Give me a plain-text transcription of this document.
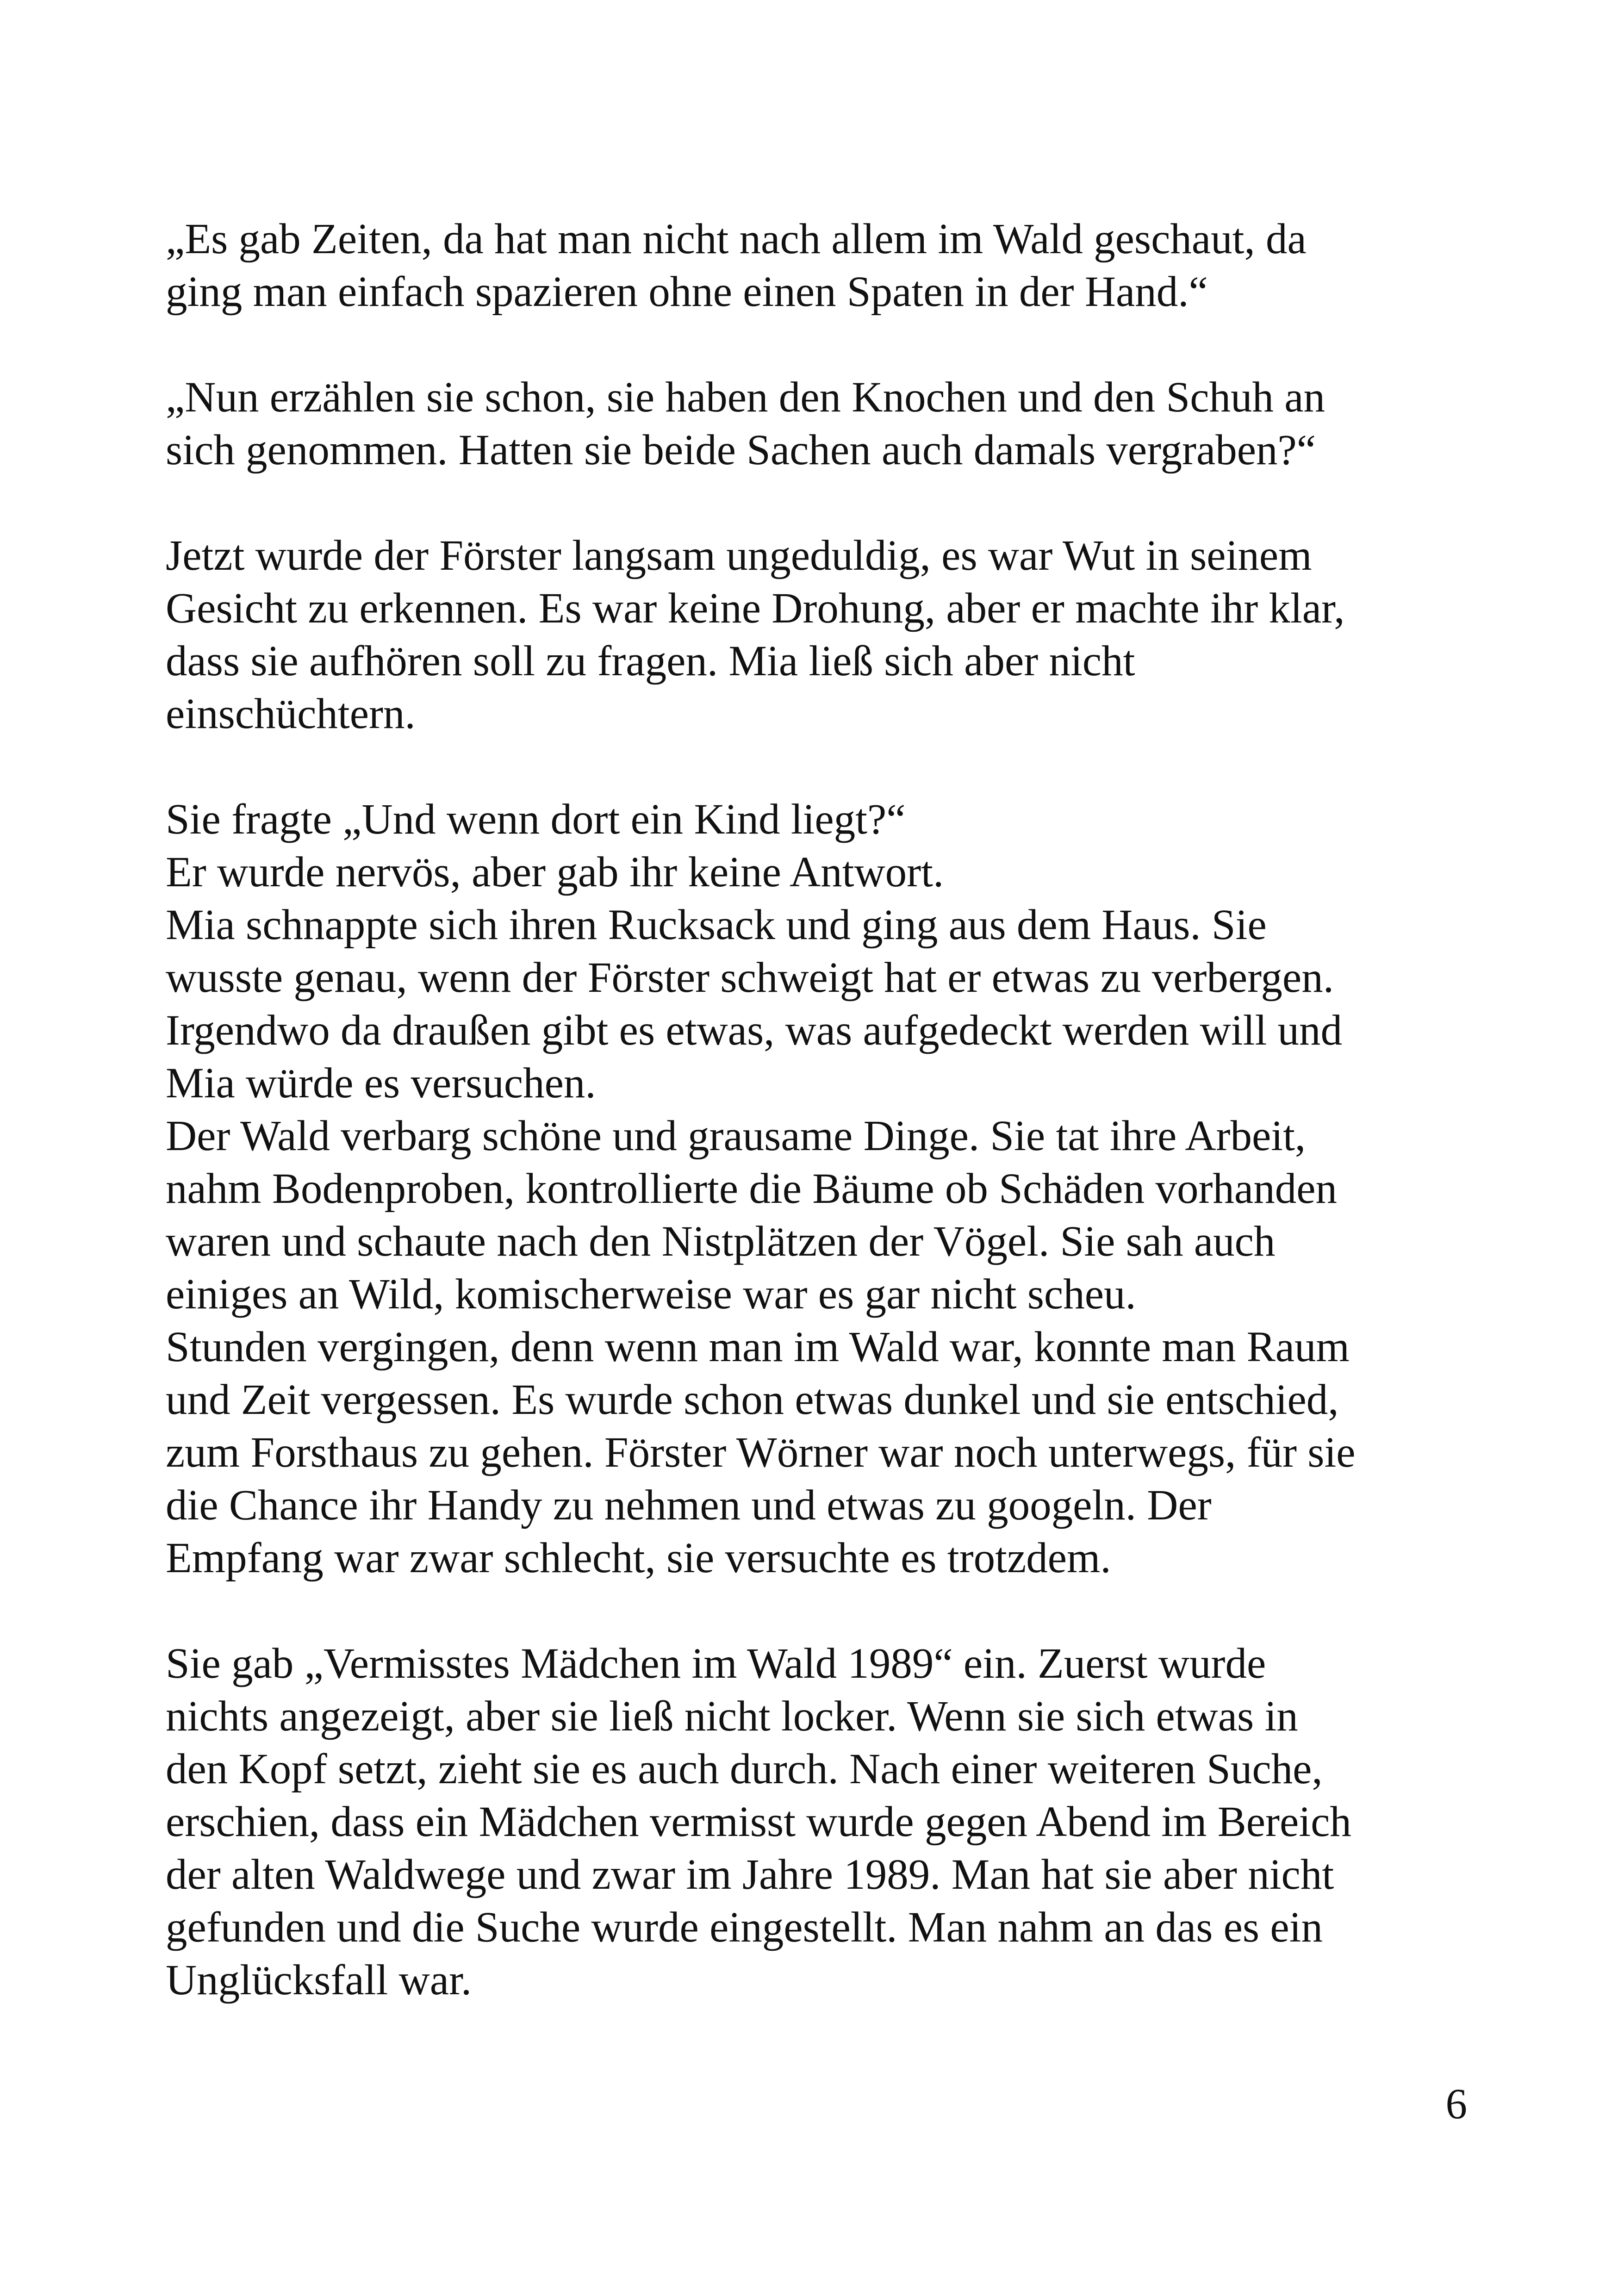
„Es gab Zeiten, da hat man nicht nach allem im Wald geschaut, da
ging man einfach spazieren ohne einen Spaten in der Hand.“
„Nun erzählen sie schon, sie haben den Knochen und den Schuh an
sich genommen. Hatten sie beide Sachen auch damals vergraben?“
Jetzt wurde der Förster langsam ungeduldig, es war Wut in seinem
Gesicht zu erkennen. Es war keine Drohung, aber er machte ihr klar,
dass sie aufhören soll zu fragen. Mia ließ sich aber nicht
einschüchtern.
Sie fragte „Und wenn dort ein Kind liegt?“
Er wurde nervös, aber gab ihr keine Antwort.
Mia schnappte sich ihren Rucksack und ging aus dem Haus. Sie
wusste genau, wenn der Förster schweigt hat er etwas zu verbergen.
Irgendwo da draußen gibt es etwas, was aufgedeckt werden will und
Mia würde es versuchen.
Der Wald verbarg schöne und grausame Dinge. Sie tat ihre Arbeit,
nahm Bodenproben, kontrollierte die Bäume ob Schäden vorhanden
waren und schaute nach den Nistplätzen der Vögel. Sie sah auch
einiges an Wild, komischerweise war es gar nicht scheu.
Stunden vergingen, denn wenn man im Wald war, konnte man Raum
und Zeit vergessen. Es wurde schon etwas dunkel und sie entschied,
zum Forsthaus zu gehen. Förster Wörner war noch unterwegs, für sie
die Chance ihr Handy zu nehmen und etwas zu googeln. Der
Empfang war zwar schlecht, sie versuchte es trotzdem.
Sie gab „Vermisstes Mädchen im Wald 1989“ ein. Zuerst wurde
nichts angezeigt, aber sie ließ nicht locker. Wenn sie sich etwas in
den Kopf setzt, zieht sie es auch durch. Nach einer weiteren Suche,
erschien, dass ein Mädchen vermisst wurde gegen Abend im Bereich
der alten Waldwege und zwar im Jahre 1989. Man hat sie aber nicht
gefunden und die Suche wurde eingestellt. Man nahm an das es ein
Unglücksfall war.
6
